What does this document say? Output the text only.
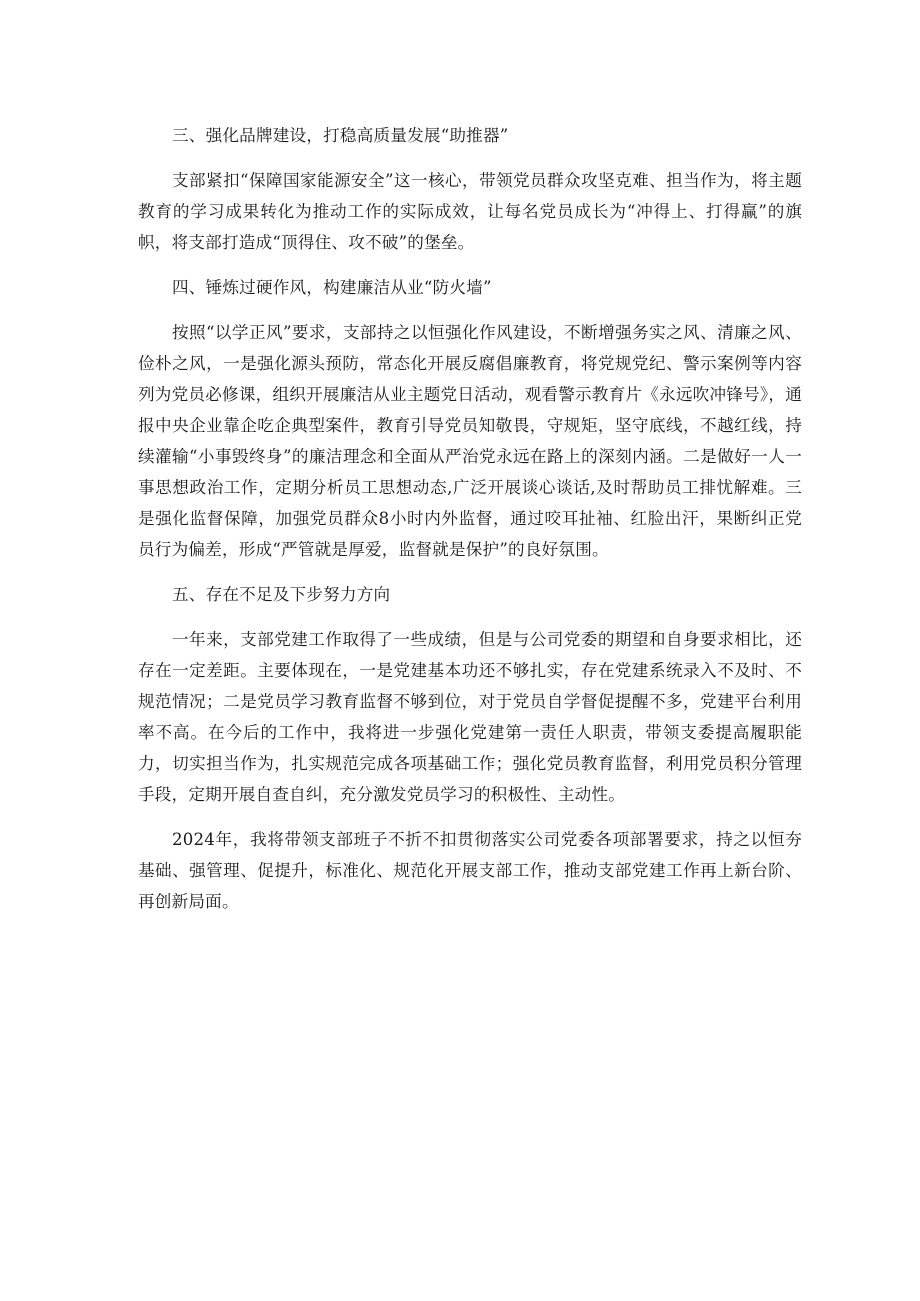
三、强化品牌建设，打稳高质量发展“助推器”

支部紧扣“保障国家能源安全”这一核心，带领党员群众攻坚克难、担当作为，将主题教育的学习成果转化为推动工作的实际成效，让每名党员成长为“冲得上、打得赢”的旗帜，将支部打造成“顶得住、攻不破”的堡垒。

四、锤炼过硬作风，构建廉洁从业“防火墙”

按照“以学正风”要求，支部持之以恒强化作风建设，不断增强务实之风、清廉之风、俭朴之风，一是强化源头预防，常态化开展反腐倡廉教育，将党规党纪、警示案例等内容列为党员必修课，组织开展廉洁从业主题党日活动，观看警示教育片《永远吹冲锋号》，通报中央企业靠企吃企典型案件，教育引导党员知敬畏，守规矩，坚守底线，不越红线，持续灌输“小事毁终身”的廉洁理念和全面从严治党永远在路上的深刻内涵。二是做好一人一事思想政治工作，定期分析员工思想动态,广泛开展谈心谈话,及时帮助员工排忧解难。三是强化监督保障，加强党员群众8小时内外监督，通过咬耳扯袖、红脸出汗，果断纠正党员行为偏差，形成“严管就是厚爱，监督就是保护”的良好氛围。

五、存在不足及下步努力方向

一年来，支部党建工作取得了一些成绩，但是与公司党委的期望和自身要求相比，还存在一定差距。主要体现在，一是党建基本功还不够扎实，存在党建系统录入不及时、不规范情况；二是党员学习教育监督不够到位，对于党员自学督促提醒不多，党建平台利用率不高。在今后的工作中，我将进一步强化党建第一责任人职责，带领支委提高履职能力，切实担当作为，扎实规范完成各项基础工作；强化党员教育监督，利用党员积分管理手段，定期开展自查自纠，充分激发党员学习的积极性、主动性。

2024年，我将带领支部班子不折不扣贯彻落实公司党委各项部署要求，持之以恒夯基础、强管理、促提升，标准化、规范化开展支部工作，推动支部党建工作再上新台阶、再创新局面。
